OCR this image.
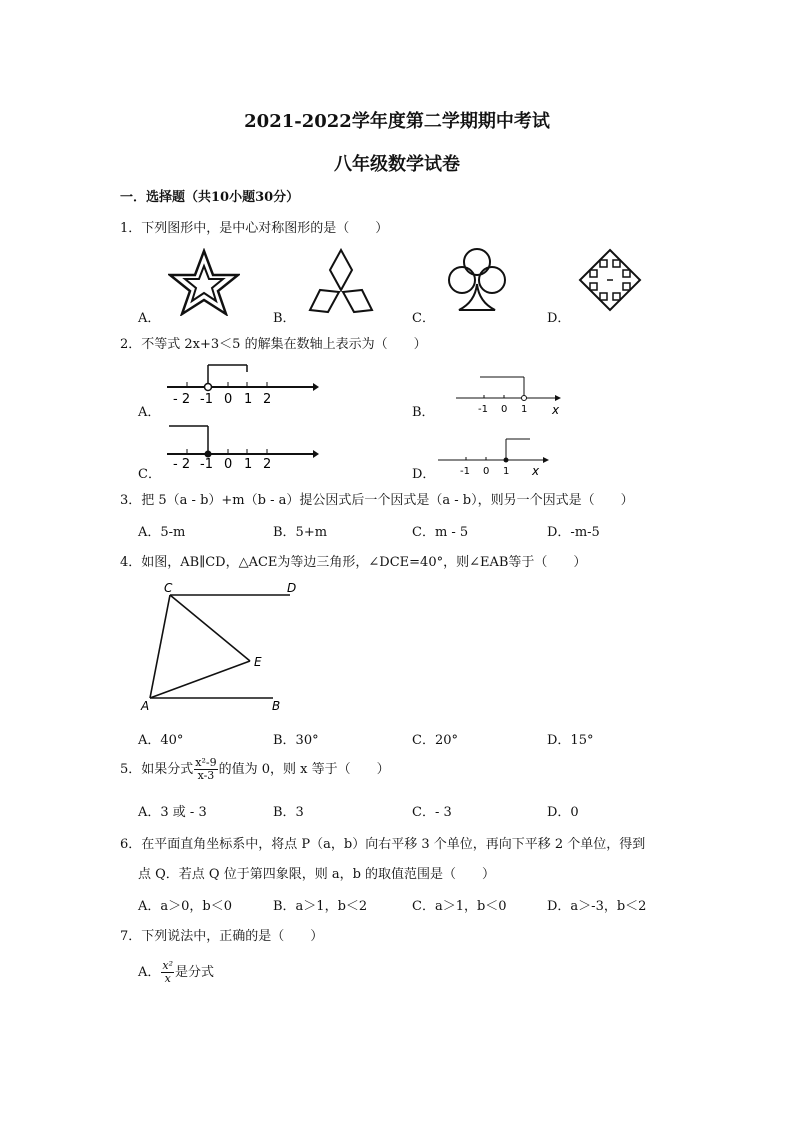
2021-2022学年度第二学期期中考试
八年级数学试卷
一．选择题（共10小题30分）
1．下列图形中，是中心对称图形的是（　　）
A．	B．	C．	D．
2．不等式 2x+3＜5 的解集在数轴上表示为（　　）
- 2 -1 0 1 2
A．	-1 0 1 x
B．
- 2 -1 0 1 2
C．	-1 0 1 x
D．
3．把 5（a - b）+m（b - a）提公因式后一个因式是（a - b），则另一个因式是（　　）
A．5-m	B．5+m	C．m - 5	D．-m-5
4．如图，AB∥CD，△ACE为等边三角形，∠DCE=40°，则∠EAB等于（　　）
C	D
E
A	B
A．40°	B．30°	C．20°	D．15°
5．如果分式 $\frac{\text{x²-9}}{x-3}$ 的值为 0，则 x 等于（　　）
A．3 或 - 3	B．3	C．- 3	D．0
6．在平面直角坐标系中，将点 P（a，b）向右平移 3 个单位，再向下平移 2 个单位，得到
点 Q．若点 Q 位于第四象限，则 a，b 的取值范围是（　　）
A．a＞0，b＜0	B．a＞1，b＜2	C．a＞1，b＜0	D．a＞-3，b＜2
7．下列说法中，正确的是（　　）
A． $\frac{\text{x²}}{x}$ 是分式
